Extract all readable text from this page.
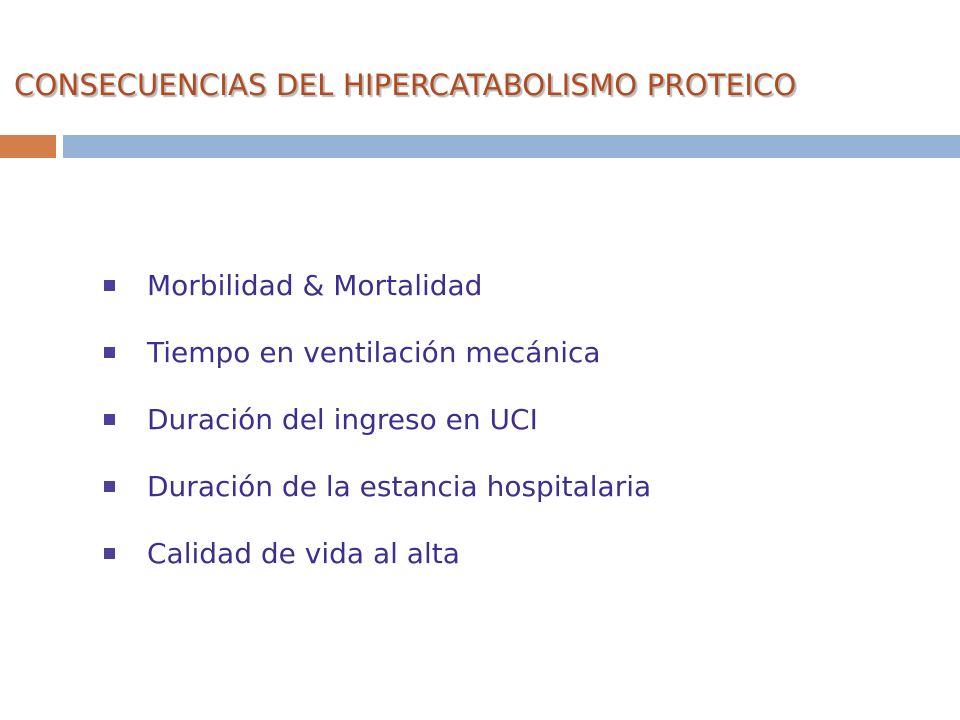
CONSECUENCIAS DEL HIPERCATABOLISMO PROTEICO
Morbilidad & Mortalidad
Tiempo en ventilación mecánica
Duración del ingreso en UCI
Duración de la estancia hospitalaria
Calidad de vida al alta
